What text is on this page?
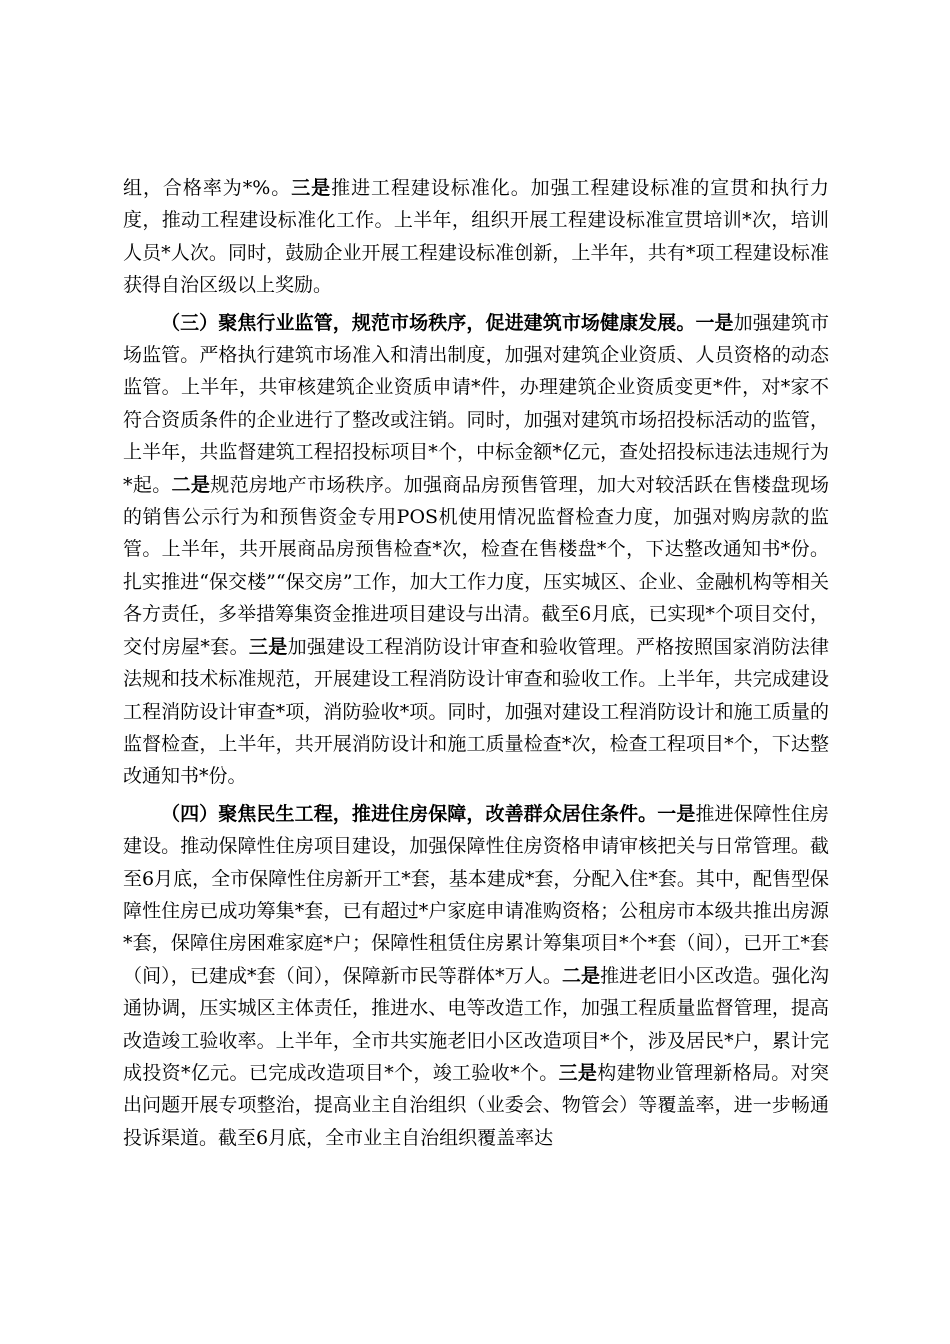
组，合格率为*%。三是推进工程建设标准化。加强工程建设标准的宣贯和执行力度，推动工程建设标准化工作。上半年，组织开展工程建设标准宣贯培训*次，培训人员*人次。同时，鼓励企业开展工程建设标准创新，上半年，共有*项工程建设标准获得自治区级以上奖励。

（三）聚焦行业监管，规范市场秩序，促进建筑市场健康发展。一是加强建筑市场监管。严格执行建筑市场准入和清出制度，加强对建筑企业资质、人员资格的动态监管。上半年，共审核建筑企业资质申请*件，办理建筑企业资质变更*件，对*家不符合资质条件的企业进行了整改或注销。同时，加强对建筑市场招投标活动的监管，上半年，共监督建筑工程招投标项目*个，中标金额*亿元，查处招投标违法违规行为*起。二是规范房地产市场秩序。加强商品房预售管理，加大对较活跃在售楼盘现场的销售公示行为和预售资金专用POS机使用情况监督检查力度，加强对购房款的监管。上半年，共开展商品房预售检查*次，检查在售楼盘*个，下达整改通知书*份。扎实推进“保交楼”“保交房”工作，加大工作力度，压实城区、企业、金融机构等相关各方责任，多举措筹集资金推进项目建设与出清。截至6月底，已实现*个项目交付，交付房屋*套。三是加强建设工程消防设计审查和验收管理。严格按照国家消防法律法规和技术标准规范，开展建设工程消防设计审查和验收工作。上半年，共完成建设工程消防设计审查*项，消防验收*项。同时，加强对建设工程消防设计和施工质量的监督检查，上半年，共开展消防设计和施工质量检查*次，检查工程项目*个，下达整改通知书*份。

（四）聚焦民生工程，推进住房保障，改善群众居住条件。一是推进保障性住房建设。推动保障性住房项目建设，加强保障性住房资格申请审核把关与日常管理。截至6月底，全市保障性住房新开工*套，基本建成*套，分配入住*套。其中，配售型保障性住房已成功筹集*套，已有超过*户家庭申请准购资格；公租房市本级共推出房源*套，保障住房困难家庭*户；保障性租赁住房累计筹集项目*个*套（间），已开工*套（间），已建成*套（间），保障新市民等群体*万人。二是推进老旧小区改造。强化沟通协调，压实城区主体责任，推进水、电等改造工作，加强工程质量监督管理，提高改造竣工验收率。上半年，全市共实施老旧小区改造项目*个，涉及居民*户，累计完成投资*亿元。已完成改造项目*个，竣工验收*个。三是构建物业管理新格局。对突出问题开展专项整治，提高业主自治组织（业委会、物管会）等覆盖率，进一步畅通投诉渠道。截至6月底，全市业主自治组织覆盖率达
